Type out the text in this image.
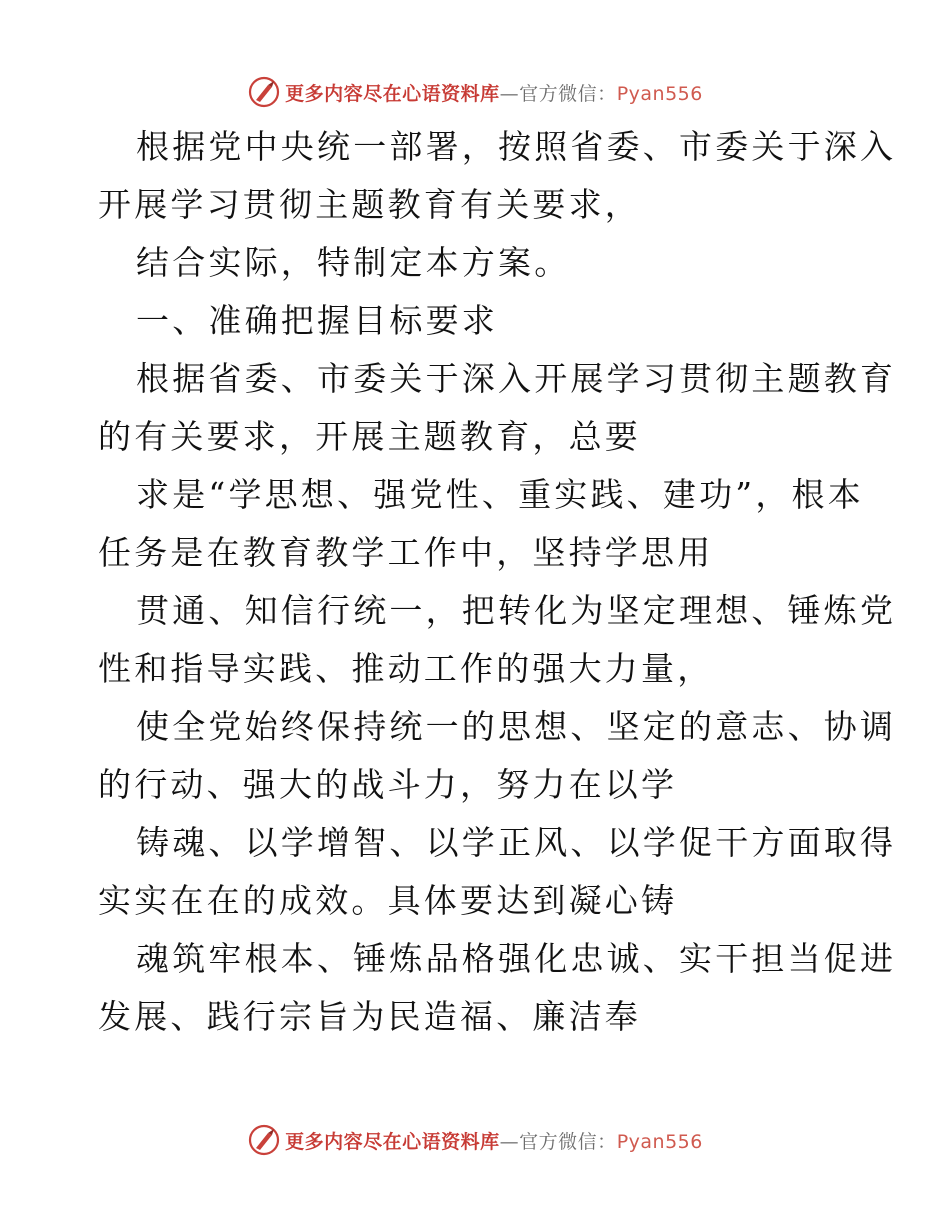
更多内容尽在心语资料库—官方微信：Pyan556
根据党中央统一部署，按照省委、市委关于深入
开展学习贯彻主题教育有关要求，
结合实际，特制定本方案。
一、准确把握目标要求
根据省委、市委关于深入开展学习贯彻主题教育
的有关要求，开展主题教育，总要
求是“学思想、强党性、重实践、建功”，根本
任务是在教育教学工作中，坚持学思用
贯通、知信行统一，把转化为坚定理想、锤炼党
性和指导实践、推动工作的强大力量，
使全党始终保持统一的思想、坚定的意志、协调
的行动、强大的战斗力，努力在以学
铸魂、以学增智、以学正风、以学促干方面取得
实实在在的成效。具体要达到凝心铸
魂筑牢根本、锤炼品格强化忠诚、实干担当促进
发展、践行宗旨为民造福、廉洁奉
更多内容尽在心语资料库—官方微信：Pyan556
